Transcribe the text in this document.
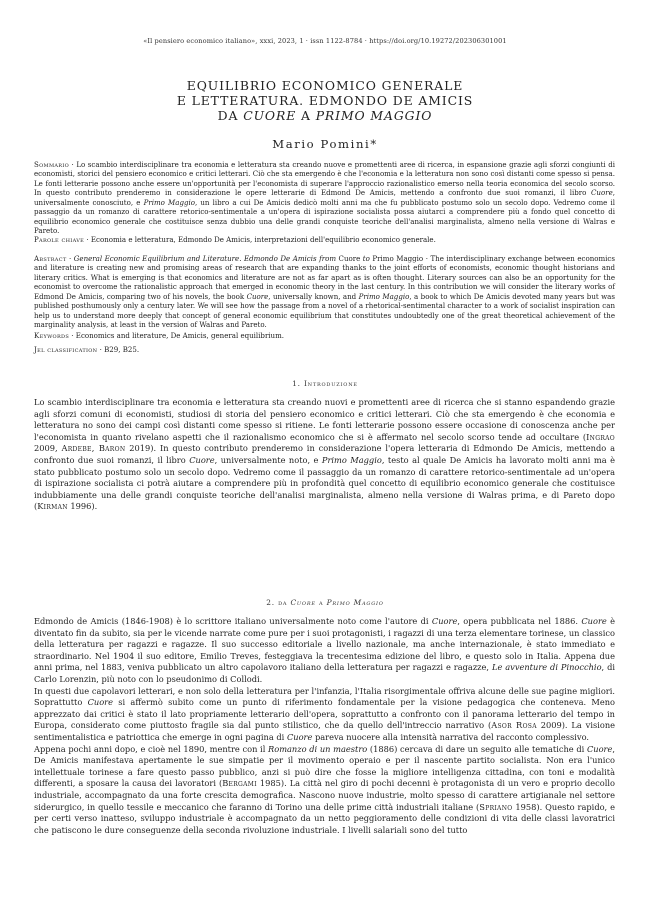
«Il pensiero economico italiano», xxxi, 2023, 1 · issn 1122-8784 · https://doi.org/10.19272/202306301001
EQUILIBRIO ECONOMICO GENERALE
E LETTERATURA. EDMONDO DE AMICIS
DA CUORE A PRIMO MAGGIO
Mario Pomini*
Sommario · Lo scambio interdisciplinare tra economia e letteratura sta creando nuove e promettenti aree di ricerca, in espansione grazie agli sforzi congiunti di economisti, storici del pensiero economico e critici letterari. Ciò che sta emergendo è che l'economia e la letteratura non sono così distanti come spesso si pensa. Le fonti letterarie possono anche essere un'opportunità per l'economista di superare l'approccio razionalistico emerso nella teoria economica del secolo scorso. In questo contributo prenderemo in considerazione le opere letterarie di Edmond De Amicis, mettendo a confronto due suoi romanzi, il libro Cuore, universalmente conosciuto, e Primo Maggio, un libro a cui De Amicis dedicò molti anni ma che fu pubblicato postumo solo un secolo dopo. Vedremo come il passaggio da un romanzo di carattere retorico-sentimentale a un'opera di ispirazione socialista possa aiutarci a comprendere più a fondo quel concetto di equilibrio economico generale che costituisce senza dubbio una delle grandi conquiste teoriche dell'analisi marginalista, almeno nella versione di Walras e Pareto.
Parole chiave · Economia e letteratura, Edmondo De Amicis, interpretazioni dell'equilibrio economico generale.
Abstract · General Economic Equilibrium and Literature. Edmondo De Amicis from Cuore to Primo Maggio · The interdisciplinary exchange between economics and literature is creating new and promising areas of research that are expanding thanks to the joint efforts of economists, economic thought historians and literary critics. What is emerging is that economics and literature are not as far apart as is often thought. Literary sources can also be an opportunity for the economist to overcome the rationalistic approach that emerged in economic theory in the last century. In this contribution we will consider the literary works of Edmond De Amicis, comparing two of his novels, the book Cuore, universally known, and Primo Maggio, a book to which De Amicis devoted many years but was published posthumously only a century later. We will see how the passage from a novel of a rhetorical-sentimental character to a work of socialist inspiration can help us to understand more deeply that concept of general economic equilibrium that constitutes undoubtedly one of the great theoretical achievement of the marginality analysis, at least in the version of Walras and Pareto.
Keywords · Economics and literature, De Amicis, general equilibrium.
Jel classification · B29, B25.
1. Introduzione

Lo scambio interdisciplinare tra economia e letteratura sta creando nuovi e promettenti aree di ricerca che si stanno espandendo grazie agli sforzi comuni di economisti, studiosi di storia del pensiero economico e critici letterari. Ciò che sta emergendo è che economia e letteratura no sono dei campi così distanti come spesso si ritiene. Le fonti letterarie possono essere occasione di conoscenza anche per l'economista in quanto rivelano aspetti che il razionalismo economico che si è affermato nel secolo scorso tende ad occultare (Ingrao 2009, Ardebe, Baron 2019). In questo contributo prenderemo in considerazione l'opera letteraria di Edmondo De Amicis, mettendo a confronto due suoi romanzi, il libro Cuore, universalmente noto, e Primo Maggio, testo al quale De Amicis ha lavorato molti anni ma è stato pubblicato postumo solo un secolo dopo. Vedremo come il passaggio da un romanzo di carattere retorico-sentimentale ad un'opera di ispirazione socialista ci potrà aiutare a comprendere più in profondità quel concetto di equilibrio economico generale che costituisce indubbiamente una delle grandi conquiste teoriche dell'analisi marginalista, almeno nella versione di Walras prima, e di Pareto dopo (Kirman 1996).

2. da Cuore a Primo Maggio

Edmondo de Amicis (1846-1908) è lo scrittore italiano universalmente noto come l'autore di Cuore, opera pubblicata nel 1886. Cuore è diventato fin da subito, sia per le vicende narrate come pure per i suoi protagonisti, i ragazzi di una terza elementare torinese, un classico della letteratura per ragazzi e ragazze. Il suo successo editoriale a livello nazionale, ma anche internazionale, è stato immediato e straordinario. Nel 1904 il suo editore, Emilio Treves, festeggiava la trecentesima edizione del libro, e questo solo in Italia. Appena due anni prima, nel 1883, veniva pubblicato un altro capolavoro italiano della letteratura per ragazzi e ragazze, Le avventure di Pinocchio, di Carlo Lorenzin, più noto con lo pseudonimo di Collodi.

In questi due capolavori letterari, e non solo della letteratura per l'infanzia, l'Italia risorgimentale offriva alcune delle sue pagine migliori. Soprattutto Cuore si affermò subito come un punto di riferimento fondamentale per la visione pedagogica che conteneva. Meno apprezzato dai critici è stato il lato propriamente letterario dell'opera, soprattutto a confronto con il panorama letterario del tempo in Europa, considerato come piuttosto fragile sia dal punto stilistico, che da quello dell'intreccio narrativo (Asor Rosa 2009). La visione sentimentalistica e patriottica che emerge in ogni pagina di Cuore pareva nuocere alla intensità narrativa del racconto complessivo.

Appena pochi anni dopo, e cioè nel 1890, mentre con il Romanzo di un maestro (1886) cercava di dare un seguito alle tematiche di Cuore, De Amicis manifestava apertamente le sue simpatie per il movimento operaio e per il nascente partito socialista. Non era l'unico intellettuale torinese a fare questo passo pubblico, anzi si può dire che fosse la migliore intelligenza cittadina, con toni e modalità differenti, a sposare la causa dei lavoratori (Bergami 1985). La città nel giro di pochi decenni è protagonista di un vero e proprio decollo industriale, accompagnato da una forte crescita demografica. Nascono nuove industrie, molto spesso di carattere artigianale nel settore siderurgico, in quello tessile e meccanico che faranno di Torino una delle prime città industriali italiane (Spriano 1958). Questo rapido, e per certi verso inatteso, sviluppo industriale è accompagnato da un netto peggioramento delle condizioni di vita delle classi lavoratrici che patiscono le dure conseguenze della seconda rivoluzione industriale. I livelli salariali sono del tutto
